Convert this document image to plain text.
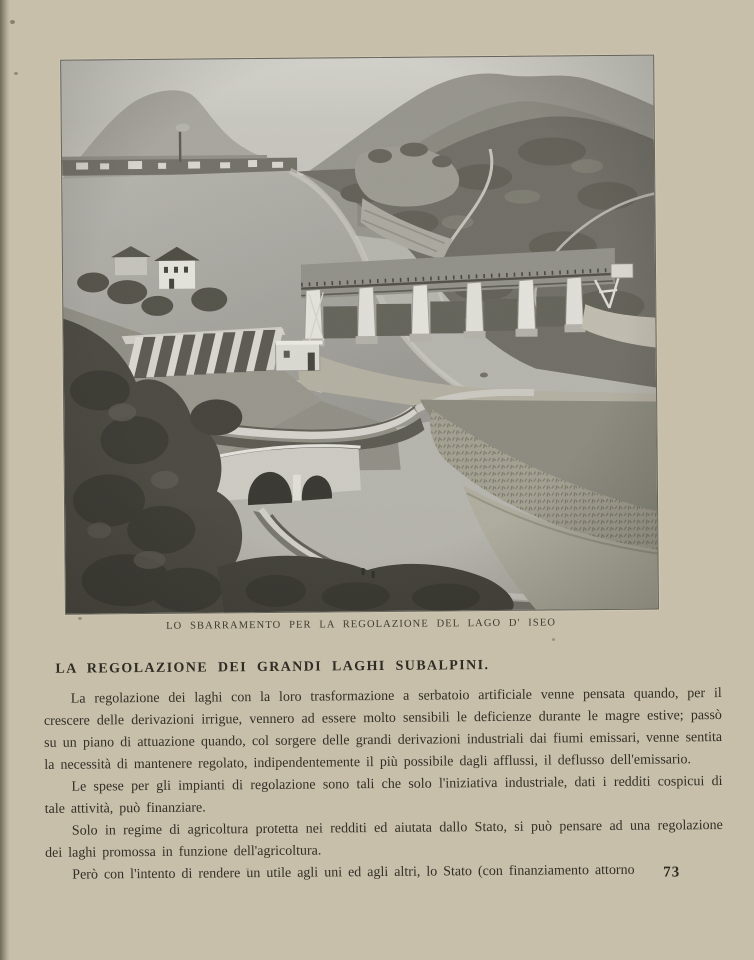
LO SBARRAMENTO PER LA REGOLAZIONE DEL LAGO D' ISEO
LA REGOLAZIONE DEI GRANDI LAGHI SUBALPINI.

La regolazione dei laghi con la loro trasformazione a serbatoio artificiale venne pensata quando, per il crescere delle derivazioni irrigue, vennero ad essere molto sensibili le deficienze durante le magre estive; passò su un piano di attuazione quando, col sorgere delle grandi derivazioni industriali dai fiumi emissari, venne sentita la necessità di mantenere regolato, indipendentemente il più possibile dagli afflussi, il deflusso dell'emissario.

Le spese per gli impianti di regolazione sono tali che solo l'iniziativa industriale, dati i redditi cospicui di tale attività, può finanziare.

Solo in regime di agricoltura protetta nei redditi ed aiutata dallo Stato, si può pensare ad una regolazione dei laghi promossa in funzione dell'agricoltura.

Però con l'intento di rendere un utile agli uni ed agli altri, lo Stato (con finanziamento attorno	73
